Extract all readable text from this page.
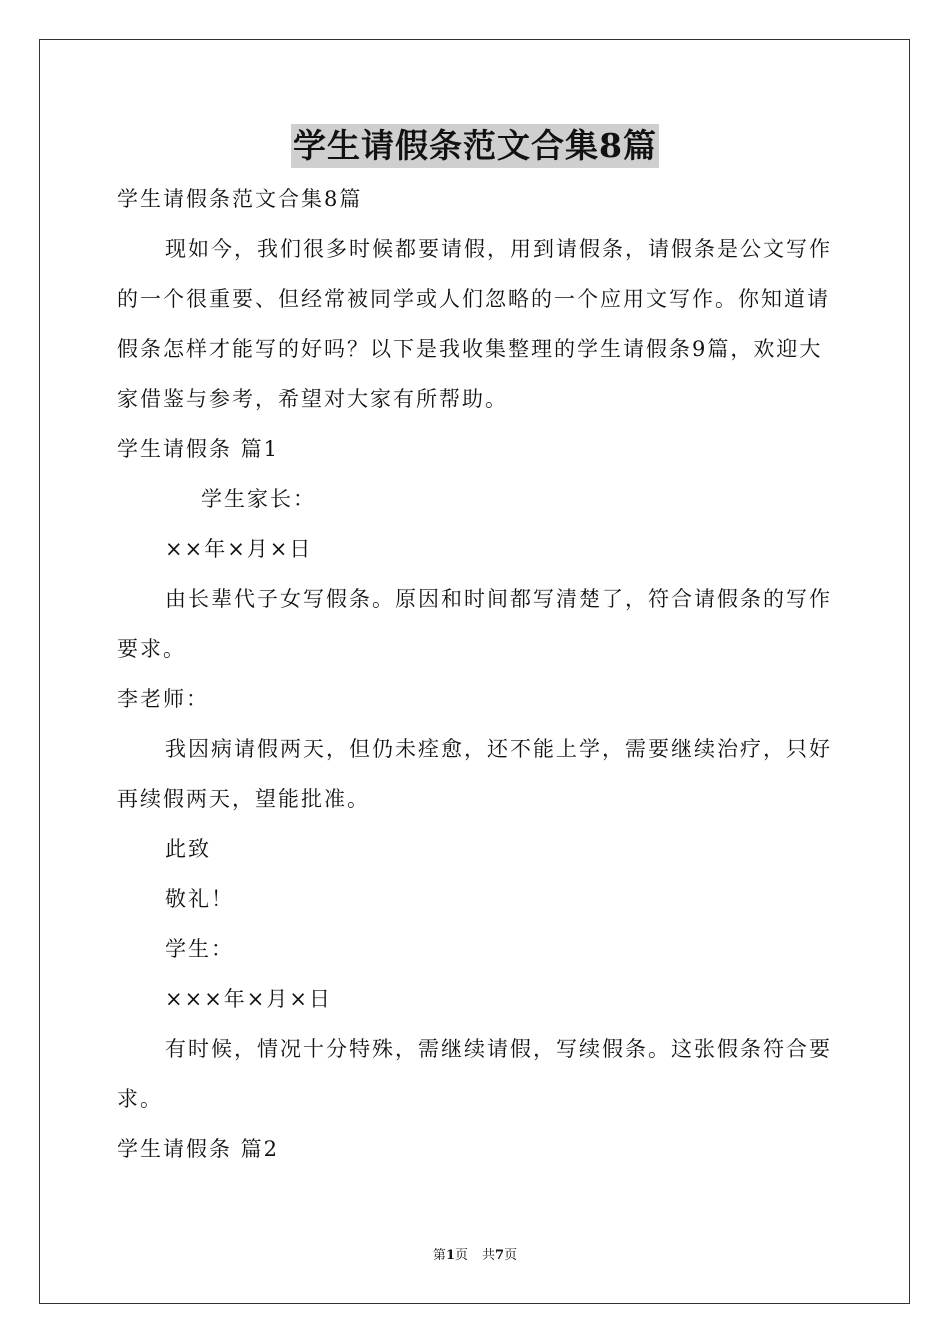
学生请假条范文合集8篇

学生请假条范文合集8篇

现如今，我们很多时候都要请假，用到请假条，请假条是公文写作的一个很重要、但经常被同学或人们忽略的一个应用文写作。你知道请假条怎样才能写的好吗？以下是我收集整理的学生请假条9篇，欢迎大家借鉴与参考，希望对大家有所帮助。

学生请假条 篇1

学生家长：

××年×月×日

由长辈代子女写假条。原因和时间都写清楚了，符合请假条的写作要求。

李老师：

我因病请假两天，但仍未痊愈，还不能上学，需要继续治疗，只好再续假两天，望能批准。

此致

敬礼！

学生：

×××年×月×日

有时候，情况十分特殊，需继续请假，写续假条。这张假条符合要求。

学生请假条 篇2

第1页 共7页
